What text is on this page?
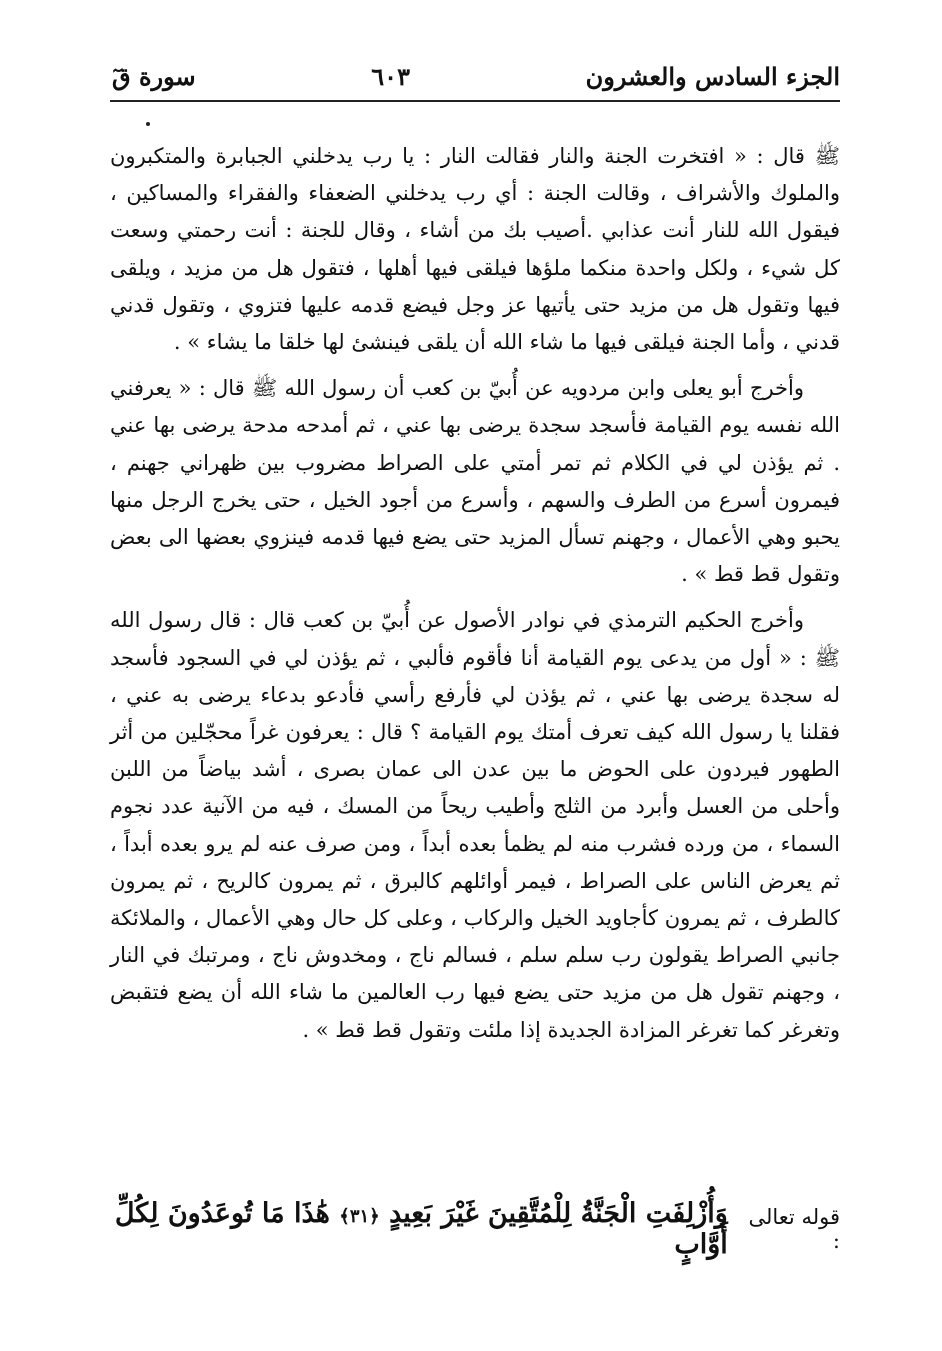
الجزء السادس والعشرون
٦٠٣
سورة قٓ

ﷺ قال : « افتخرت الجنة والنار فقالت النار : يا رب يدخلني الجبابرة والمتكبرون والملوك والأشراف ، وقالت الجنة : أي رب يدخلني الضعفاء والفقراء والمساكين ، فيقول الله للنار أنت عذابي .أصيب بك من أشاء ، وقال للجنة : أنت رحمتي وسعت كل شيء ، ولكل واحدة منكما ملؤها فيلقى فيها أهلها ، فتقول هل من مزيد ، ويلقى فيها وتقول هل من مزيد حتى يأتيها عز وجل فيضع قدمه عليها فتزوي ، وتقول قدني قدني ، وأما الجنة فيلقى فيها ما شاء الله أن يلقى فينشئ لها خلقا ما يشاء » .

وأخرج أبو يعلى وابن مردويه عن أُبيّ بن كعب أن رسول الله ﷺ قال : « يعرفني الله نفسه يوم القيامة فأسجد سجدة يرضى بها عني ، ثم أمدحه مدحة يرضى بها عني . ثم يؤذن لي في الكلام ثم تمر أمتي على الصراط مضروب بين ظهراني جهنم ، فيمرون أسرع من الطرف والسهم ، وأسرع من أجود الخيل ، حتى يخرج الرجل منها يحبو وهي الأعمال ، وجهنم تسأل المزيد حتى يضع فيها قدمه فينزوي بعضها الى بعض وتقول قط قط » .

وأخرج الحكيم الترمذي في نوادر الأصول عن أُبيّ بن كعب قال : قال رسول الله ﷺ : « أول من يدعى يوم القيامة أنا فأقوم فألبي ، ثم يؤذن لي في السجود فأسجد له سجدة يرضى بها عني ، ثم يؤذن لي فأرفع رأسي فأدعو بدعاء يرضى به عني ، فقلنا يا رسول الله كيف تعرف أمتك يوم القيامة ؟ قال : يعرفون غراً محجّلين من أثر الطهور فيردون على الحوض ما بين عدن الى عمان بصرى ، أشد بياضاً من اللبن وأحلى من العسل وأبرد من الثلج وأطيب ريحاً من المسك ، فيه من الآنية عدد نجوم السماء ، من ورده فشرب منه لم يظمأ بعده أبداً ، ومن صرف عنه لم يرو بعده أبداً ، ثم يعرض الناس على الصراط ، فيمر أوائلهم كالبرق ، ثم يمرون كالريح ، ثم يمرون كالطرف ، ثم يمرون كأجاويد الخيل والركاب ، وعلى كل حال وهي الأعمال ، والملائكة جانبي الصراط يقولون رب سلم سلم ، فسالم ناج ، ومخدوش ناج ، ومرتبك في النار ، وجهنم تقول هل من مزيد حتى يضع فيها رب العالمين ما شاء الله أن يضع فتقبض وتغرغر كما تغرغر المزادة الجديدة إذا ملئت وتقول قط قط » .

قوله تعالى :
وَأُزْلِفَتِ الْجَنَّةُ لِلْمُتَّقِينَ غَيْرَ بَعِيدٍ ﴿٣١﴾ هَٰذَا مَا تُوعَدُونَ لِكُلِّ أَوَّابٍ
